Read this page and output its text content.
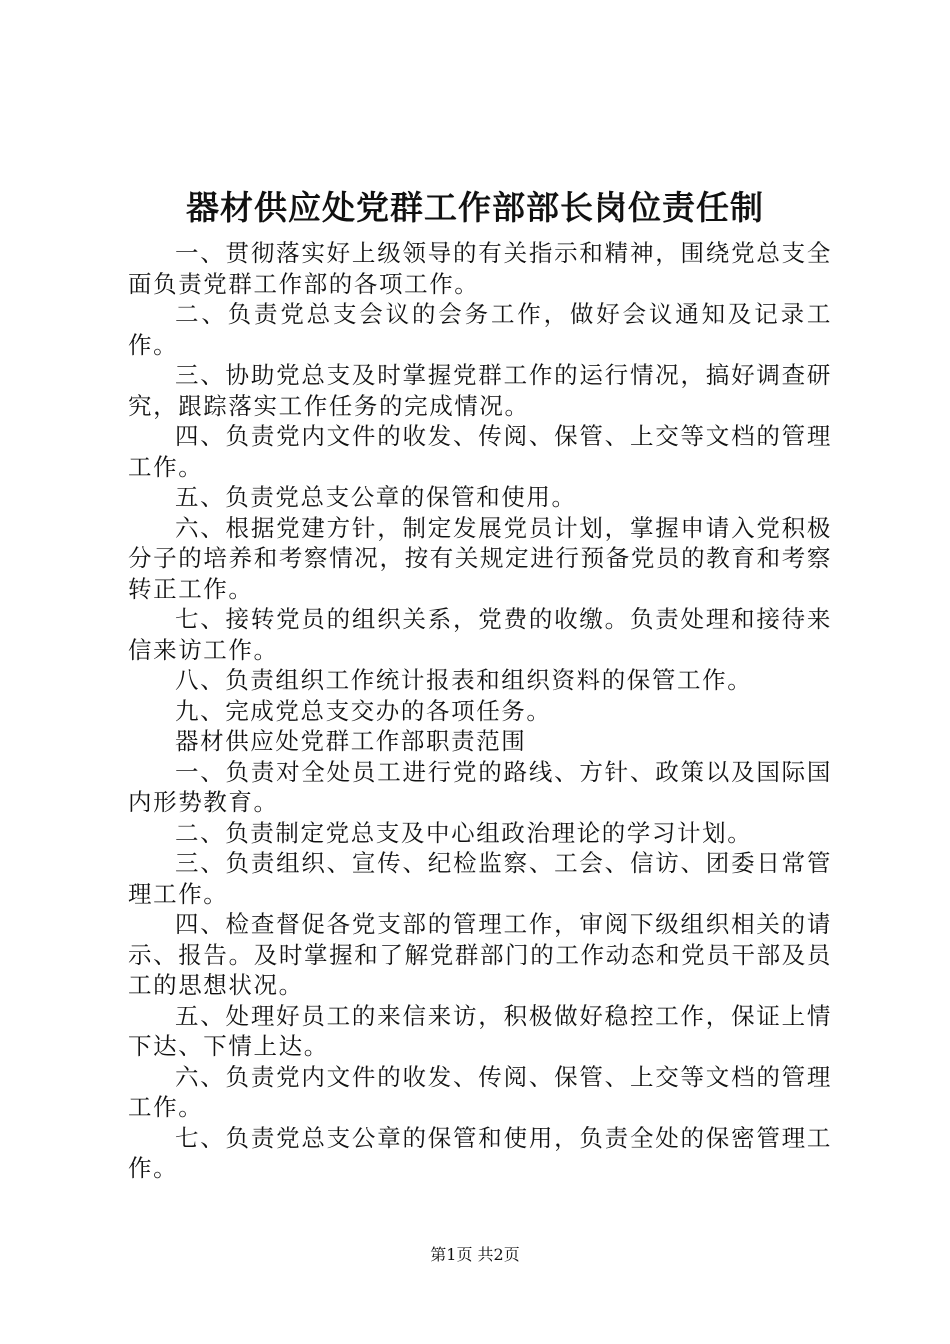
器材供应处党群工作部部长岗位责任制

一、贯彻落实好上级领导的有关指示和精神，围绕党总支全面负责党群工作部的各项工作。

二、负责党总支会议的会务工作，做好会议通知及记录工作。

三、协助党总支及时掌握党群工作的运行情况，搞好调查研究，跟踪落实工作任务的完成情况。

四、负责党内文件的收发、传阅、保管、上交等文档的管理工作。

五、负责党总支公章的保管和使用。

六、根据党建方针，制定发展党员计划，掌握申请入党积极分子的培养和考察情况，按有关规定进行预备党员的教育和考察转正工作。

七、接转党员的组织关系，党费的收缴。负责处理和接待来信来访工作。

八、负责组织工作统计报表和组织资料的保管工作。

九、完成党总支交办的各项任务。

器材供应处党群工作部职责范围

一、负责对全处员工进行党的路线、方针、政策以及国际国内形势教育。

二、负责制定党总支及中心组政治理论的学习计划。

三、负责组织、宣传、纪检监察、工会、信访、团委日常管理工作。

四、检查督促各党支部的管理工作，审阅下级组织相关的请示、报告。及时掌握和了解党群部门的工作动态和党员干部及员工的思想状况。

五、处理好员工的来信来访，积极做好稳控工作，保证上情下达、下情上达。

六、负责党内文件的收发、传阅、保管、上交等文档的管理工作。

七、负责党总支公章的保管和使用，负责全处的保密管理工作。

第1页 共2页
